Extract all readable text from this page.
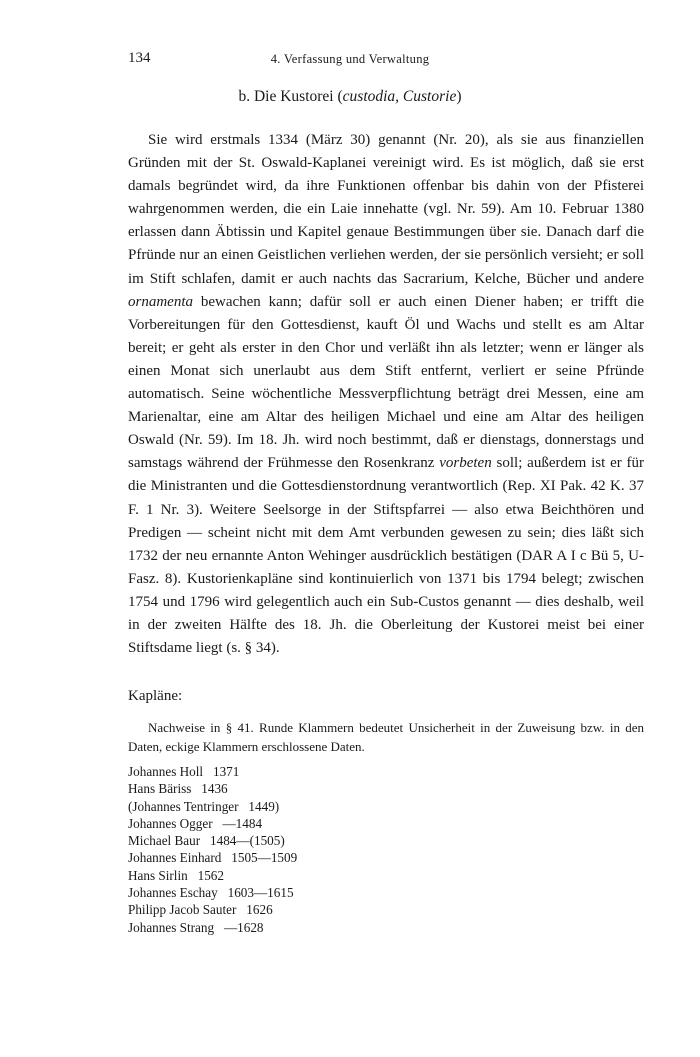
134	4. Verfassung und Verwaltung
b. Die Kustorei (custodia, Custorie)

Sie wird erstmals 1334 (März 30) genannt (Nr. 20), als sie aus finanziellen Gründen mit der St. Oswald-Kaplanei vereinigt wird. Es ist möglich, daß sie erst damals begründet wird, da ihre Funktionen offenbar bis dahin von der Pfisterei wahrgenommen werden, die ein Laie innehatte (vgl. Nr. 59). Am 10. Februar 1380 erlassen dann Äbtissin und Kapitel genaue Bestimmungen über sie. Danach darf die Pfründe nur an einen Geistlichen verliehen werden, der sie persönlich versieht; er soll im Stift schlafen, damit er auch nachts das Sacrarium, Kelche, Bücher und andere ornamenta bewachen kann; dafür soll er auch einen Diener haben; er trifft die Vorbereitungen für den Gottesdienst, kauft Öl und Wachs und stellt es am Altar bereit; er geht als erster in den Chor und verläßt ihn als letzter; wenn er länger als einen Monat sich unerlaubt aus dem Stift entfernt, verliert er seine Pfründe automatisch. Seine wöchentliche Messverpflichtung beträgt drei Messen, eine am Marienaltar, eine am Altar des heiligen Michael und eine am Altar des heiligen Oswald (Nr. 59). Im 18. Jh. wird noch bestimmt, daß er dienstags, donnerstags und samstags während der Frühmesse den Rosenkranz vorbeten soll; außerdem ist er für die Ministranten und die Gottesdienstordnung verantwortlich (Rep. XI Pak. 42 K. 37 F. 1 Nr. 3). Weitere Seelsorge in der Stiftspfarrei — also etwa Beichthören und Predigen — scheint nicht mit dem Amt verbunden gewesen zu sein; dies läßt sich 1732 der neu ernannte Anton Wehinger ausdrücklich bestätigen (DAR A I c Bü 5, U-Fasz. 8). Kustorienkapläne sind kontinuierlich von 1371 bis 1794 belegt; zwischen 1754 und 1796 wird gelegentlich auch ein Sub-Custos genannt — dies deshalb, weil in der zweiten Hälfte des 18. Jh. die Oberleitung der Kustorei meist bei einer Stiftsdame liegt (s. § 34).

Kapläne:

Nachweise in § 41. Runde Klammern bedeutet Unsicherheit in der Zuweisung bzw. in den Daten, eckige Klammern erschlossene Daten.

Johannes Holl   1371
Hans Bäriss   1436
(Johannes Tentringer   1449)
Johannes Ogger   —1484
Michael Baur   1484—(1505)
Johannes Einhard   1505—1509
Hans Sirlin   1562
Johannes Eschay   1603—1615
Philipp Jacob Sauter   1626
Johannes Strang   —1628
